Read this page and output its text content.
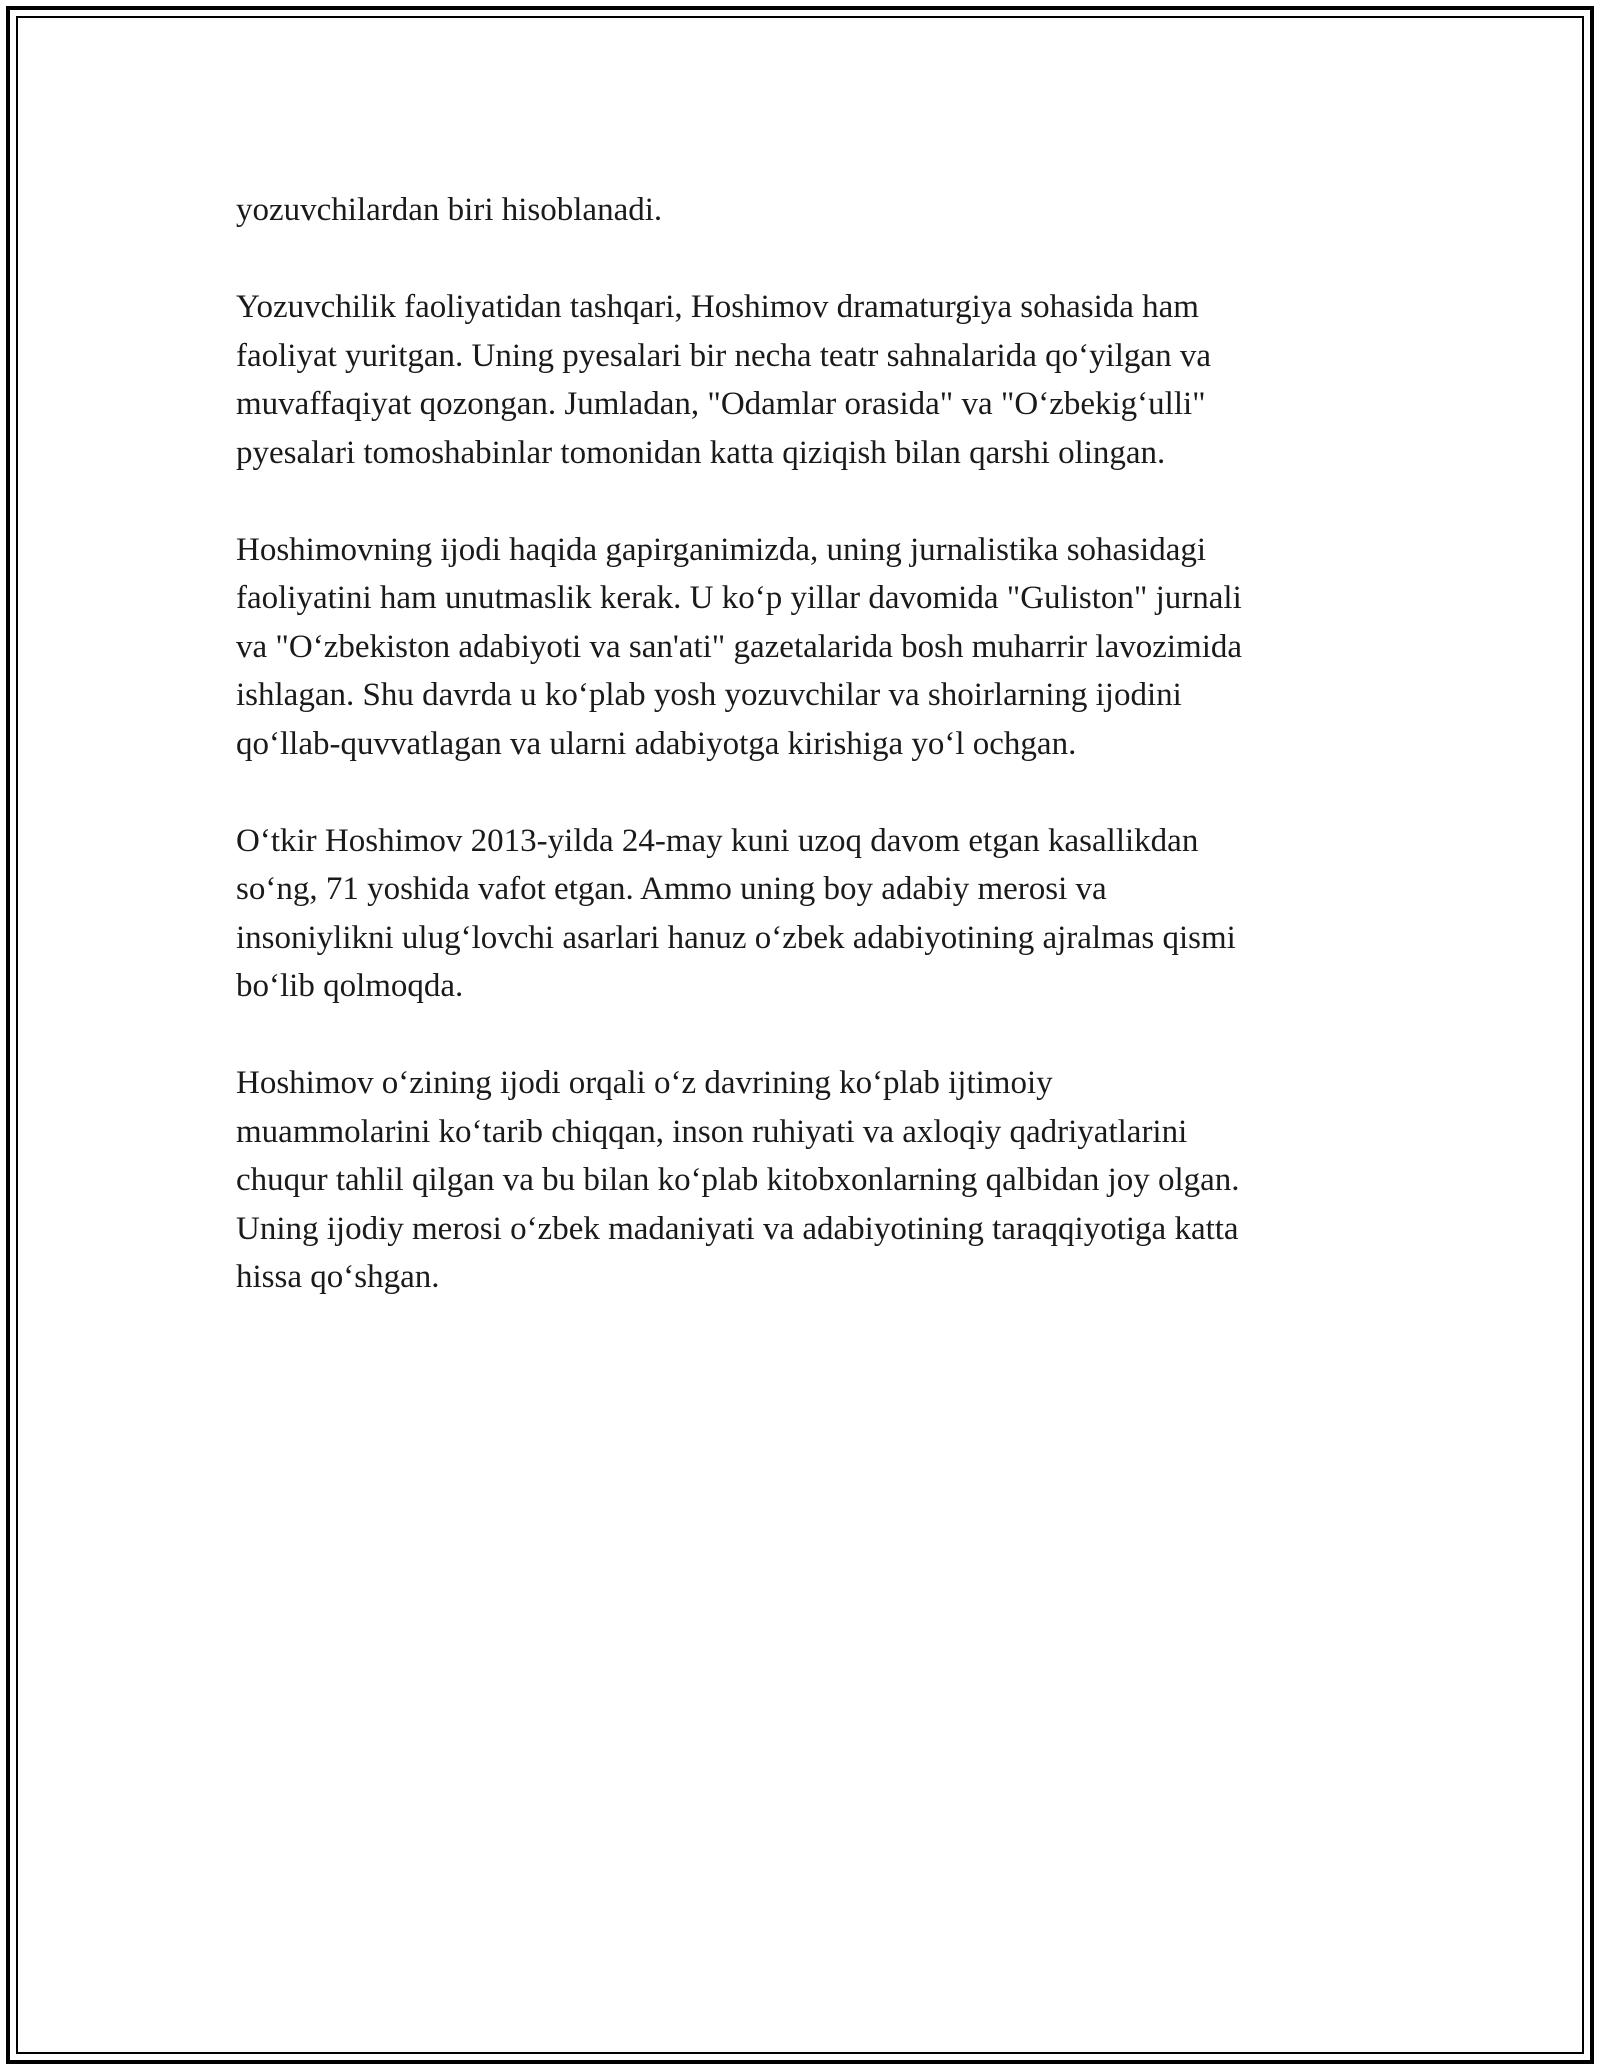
yozuvchilardan biri hisoblanadi.

Yozuvchilik faoliyatidan tashqari, Hoshimov dramaturgiya sohasida ham
faoliyat yuritgan. Uning pyesalari bir necha teatr sahnalarida qo‘yilgan va
muvaffaqiyat qozongan. Jumladan, "Odamlar orasida" va "O‘zbekig‘ulli"
pyesalari tomoshabinlar tomonidan katta qiziqish bilan qarshi olingan.

Hoshimovning ijodi haqida gapirganimizda, uning jurnalistika sohasidagi
faoliyatini ham unutmaslik kerak. U ko‘p yillar davomida "Guliston" jurnali
va "O‘zbekiston adabiyoti va san'ati" gazetalarida bosh muharrir lavozimida
ishlagan. Shu davrda u ko‘plab yosh yozuvchilar va shoirlarning ijodini
qo‘llab-quvvatlagan va ularni adabiyotga kirishiga yo‘l ochgan.

O‘tkir Hoshimov 2013-yilda 24-may kuni uzoq davom etgan kasallikdan
so‘ng, 71 yoshida vafot etgan. Ammo uning boy adabiy merosi va
insoniylikni ulug‘lovchi asarlari hanuz o‘zbek adabiyotining ajralmas qismi
bo‘lib qolmoqda.

Hoshimov o‘zining ijodi orqali o‘z davrining ko‘plab ijtimoiy
muammolarini ko‘tarib chiqqan, inson ruhiyati va axloqiy qadriyatlarini
chuqur tahlil qilgan va bu bilan ko‘plab kitobxonlarning qalbidan joy olgan.
Uning ijodiy merosi o‘zbek madaniyati va adabiyotining taraqqiyotiga katta
hissa qo‘shgan.
